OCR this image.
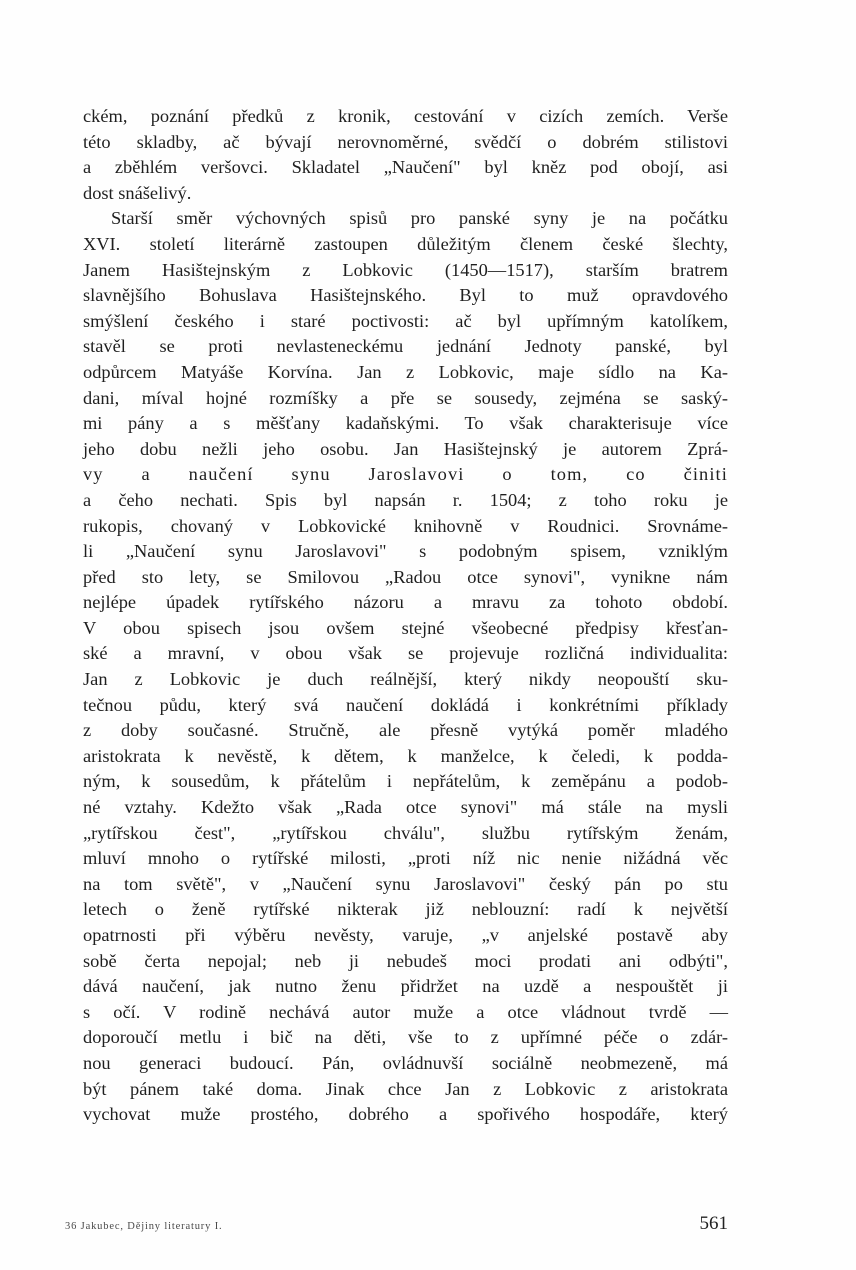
ckém, poznání předků z kronik, cestování v cizích zemích. Verše
této skladby, ač bývají nerovnoměrné, svědčí o dobrém stilistovi
a zběhlém veršovci. Skladatel „Naučení" byl kněz pod obojí, asi
dost snášelivý.
Starší směr výchovných spisů pro panské syny je na počátku
XVI. století literárně zastoupen důležitým členem české šlechty,
Janem Hasištejnským z Lobkovic (1450—1517), starším bratrem
slavnějšího Bohuslava Hasištejnského. Byl to muž opravdového
smýšlení českého i staré poctivosti: ač byl upřímným katolíkem,
stavěl se proti nevlasteneckému jednání Jednoty panské, byl
odpůrcem Matyáše Korvína. Jan z Lobkovic, maje sídlo na Ka-
dani, míval hojné rozmíšky a pře se sousedy, zejména se saský-
mi pány a s měšťany kadaňskými. To však charakterisuje více
jeho dobu nežli jeho osobu. Jan Hasištejnský je autorem Zprá-
vy a naučení synu Jaroslavovi o tom, co činiti
a čeho nechati. Spis byl napsán r. 1504; z toho roku je
rukopis, chovaný v Lobkovické knihovně v Roudnici. Srovnáme-
li „Naučení synu Jaroslavovi" s podobným spisem, vzniklým
před sto lety, se Smilovou „Radou otce synovi", vynikne nám
nejlépe úpadek rytířského názoru a mravu za tohoto období.
V obou spisech jsou ovšem stejné všeobecné předpisy křesťan-
ské a mravní, v obou však se projevuje rozličná individualita:
Jan z Lobkovic je duch reálnější, který nikdy neopouští sku-
tečnou půdu, který svá naučení dokládá i konkrétními příklady
z doby současné. Stručně, ale přesně vytýká poměr mladého
aristokrata k nevěstě, k dětem, k manželce, k čeledi, k podda-
ným, k sousedům, k přátelům i nepřátelům, k zeměpánu a podob-
né vztahy. Kdežto však „Rada otce synovi" má stále na mysli
„rytířskou čest", „rytířskou chválu", službu rytířským ženám,
mluví mnoho o rytířské milosti, „proti níž nic nenie nižádná věc
na tom světě", v „Naučení synu Jaroslavovi" český pán po stu
letech o ženě rytířské nikterak již neblouzní: radí k největší
opatrnosti při výběru nevěsty, varuje, „v anjelské postavě aby
sobě čerta nepojal; neb ji nebudeš moci prodati ani odbýti",
dává naučení, jak nutno ženu přidržet na uzdě a nespouštět ji
s očí. V rodině nechává autor muže a otce vládnout tvrdě —
doporoučí metlu i bič na děti, vše to z upřímné péče o zdár-
nou generaci budoucí. Pán, ovládnuvší sociálně neobmezeně, má
být pánem také doma. Jinak chce Jan z Lobkovic z aristokrata
vychovat muže prostého, dobrého a spořivého hospodáře, který
36 Jakubec, Dějiny literatury I.	561
